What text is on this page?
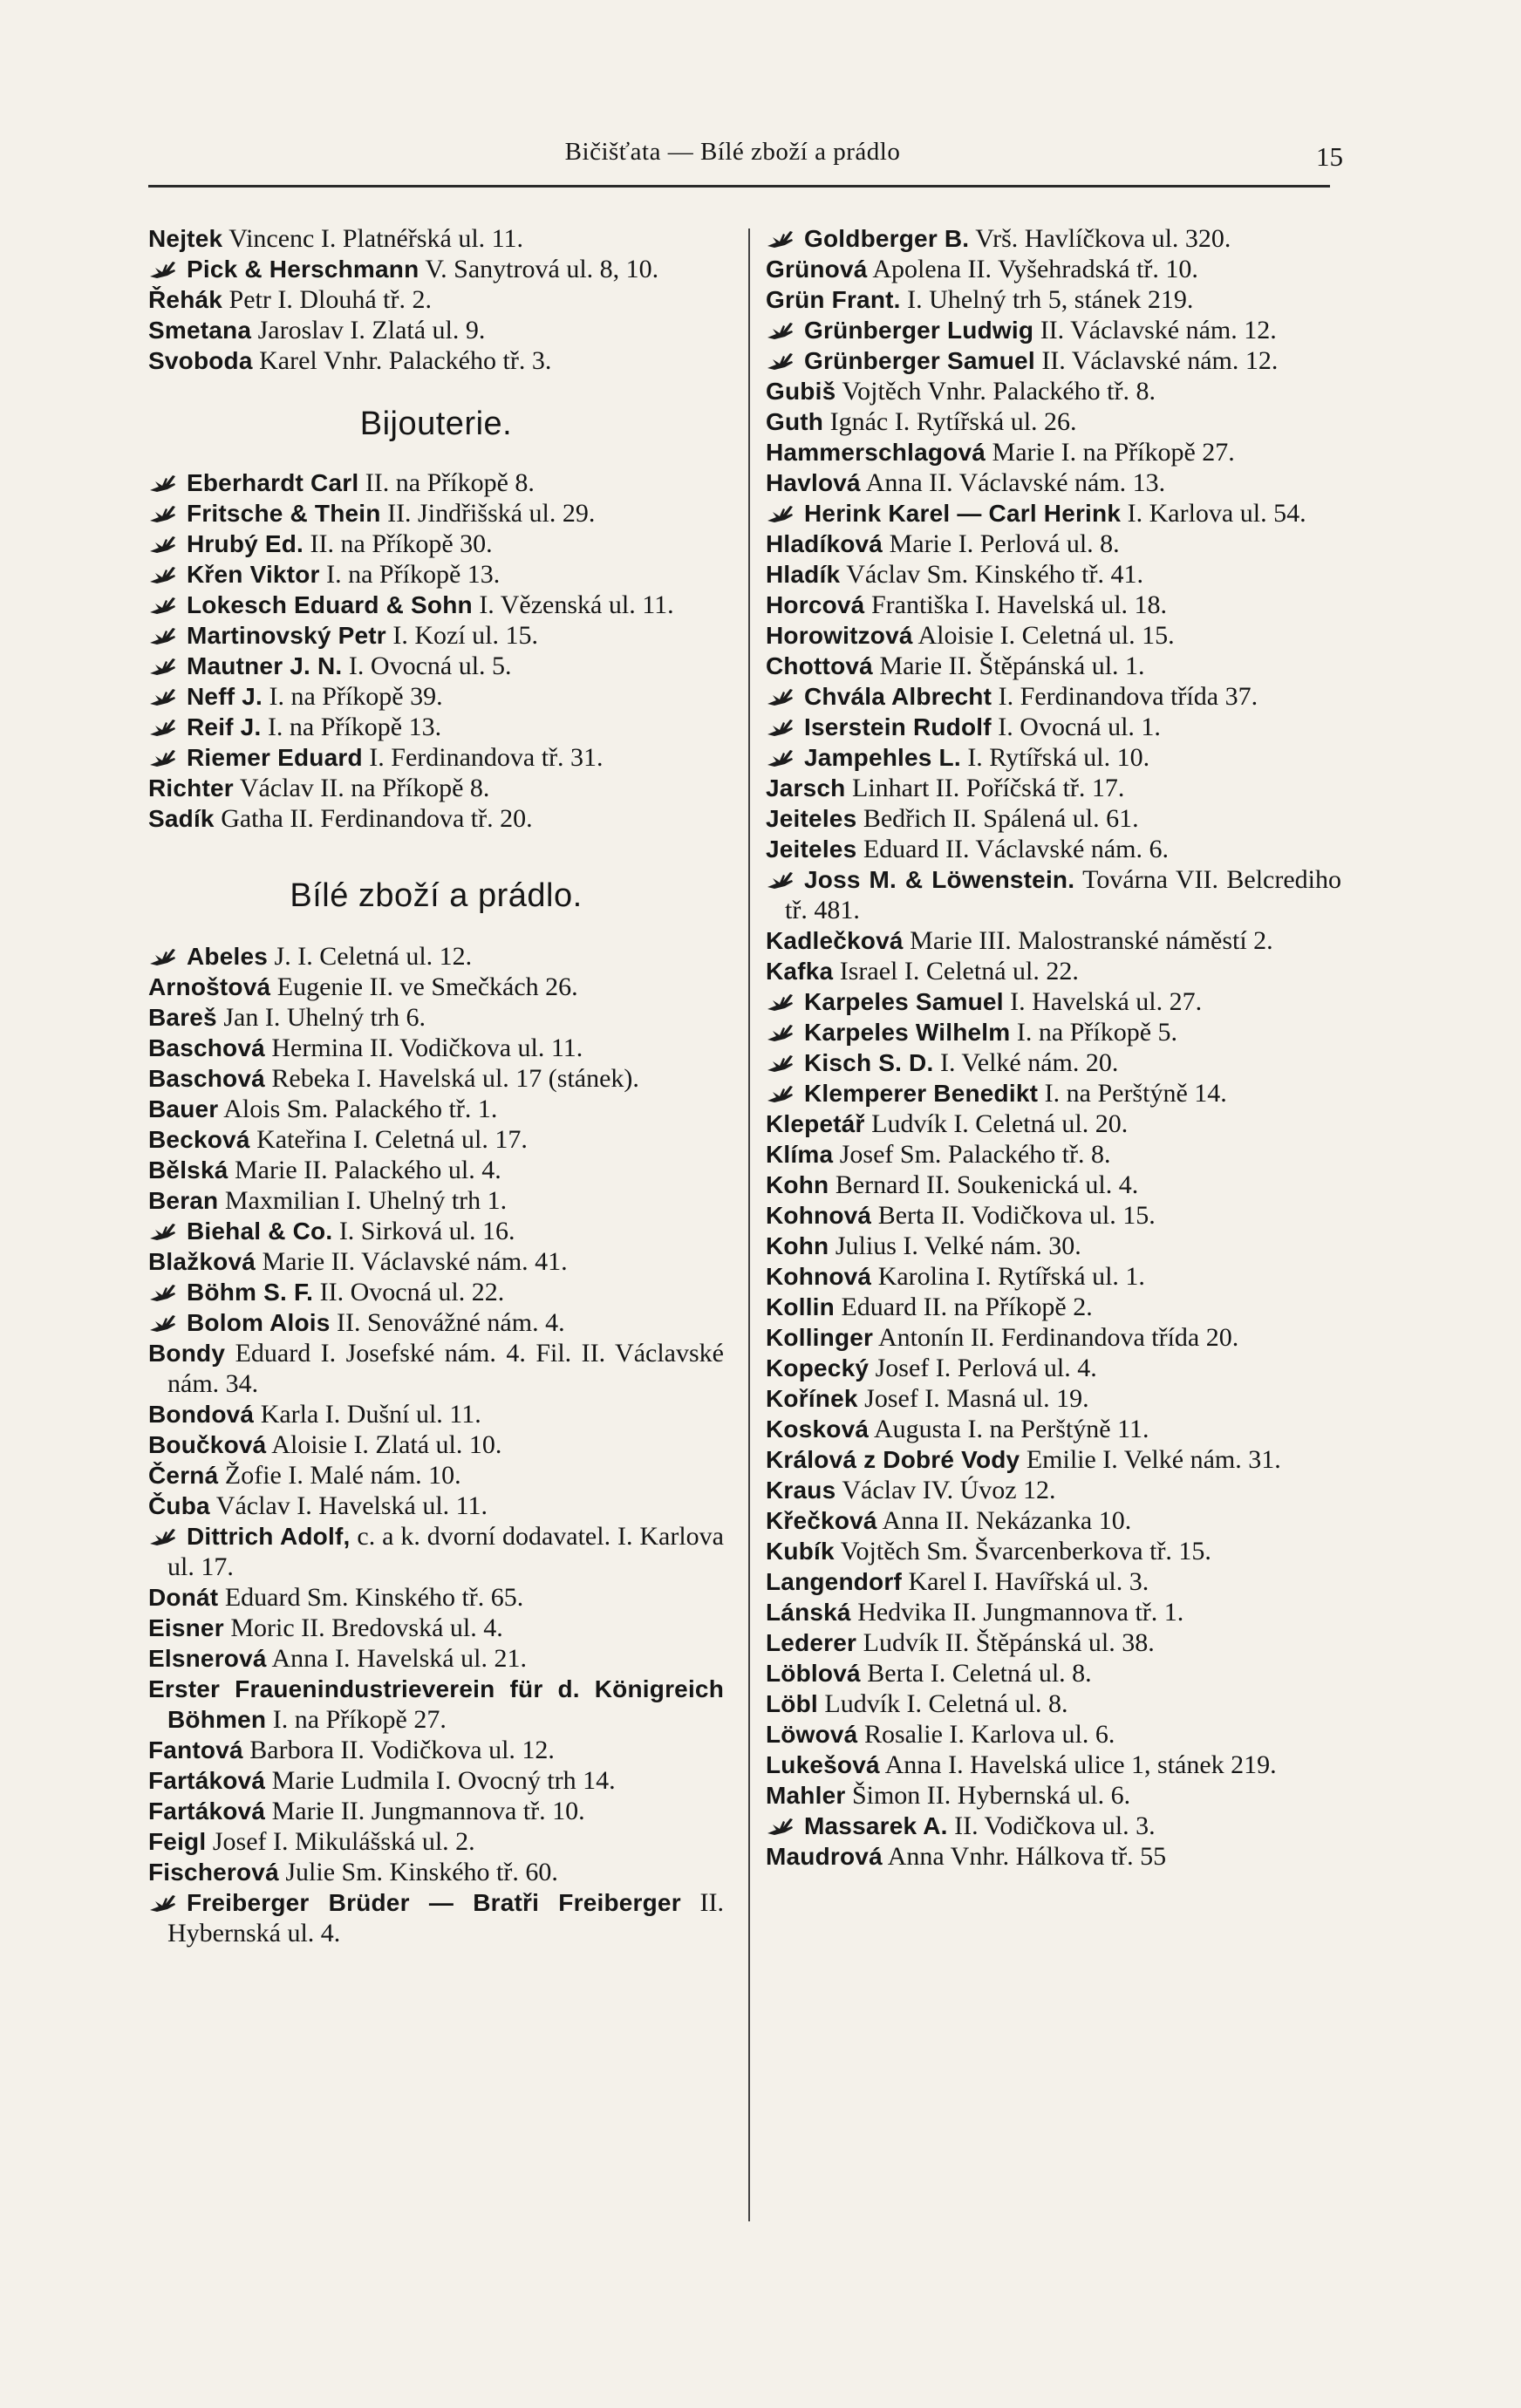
Bičišťata — Bílé zboží a prádlo	15
Nejtek Vincenc I. Platnéřská ul. 11.
Pick & Herschmann V. Sanytrová ul. 8, 10.
Řehák Petr I. Dlouhá tř. 2.
Smetana Jaroslav I. Zlatá ul. 9.
Svoboda Karel Vnhr. Palackého tř. 3.
Bijouterie.
Eberhardt Carl II. na Příkopě 8.
Fritsche & Thein II. Jindřišská ul. 29.
Hrubý Ed. II. na Příkopě 30.
Křen Viktor I. na Příkopě 13.
Lokesch Eduard & Sohn I. Vězenská ul. 11.
Martinovský Petr I. Kozí ul. 15.
Mautner J. N. I. Ovocná ul. 5.
Neff J. I. na Příkopě 39.
Reif J. I. na Příkopě 13.
Riemer Eduard I. Ferdinandova tř. 31.
Richter Václav II. na Příkopě 8.
Sadík Gatha II. Ferdinandova tř. 20.
Bílé zboží a prádlo.
Abeles J. I. Celetná ul. 12.
Arnoštová Eugenie II. ve Smečkách 26.
Bareš Jan I. Uhelný trh 6.
Baschová Hermina II. Vodičkova ul. 11.
Baschová Rebeka I. Havelská ul. 17 (stánek).
Bauer Alois Sm. Palackého tř. 1.
Becková Kateřina I. Celetná ul. 17.
Bělská Marie II. Palackého ul. 4.
Beran Maxmilian I. Uhelný trh 1.
Biehal & Co. I. Sirková ul. 16.
Blažková Marie II. Václavské nám. 41.
Böhm S. F. II. Ovocná ul. 22.
Bolom Alois II. Senovážné nám. 4.
Bondy Eduard I. Josefské nám. 4. Fil. II. Václavské nám. 34.
Bondová Karla I. Dušní ul. 11.
Boučková Aloisie I. Zlatá ul. 10.
Černá Žofie I. Malé nám. 10.
Čuba Václav I. Havelská ul. 11.
Dittrich Adolf, c. a k. dvorní dodavatel. I. Karlova ul. 17.
Donát Eduard Sm. Kinského tř. 65.
Eisner Moric II. Bredovská ul. 4.
Elsnerová Anna I. Havelská ul. 21.
Erster Frauenindustrieverein für d. Königreich Böhmen I. na Příkopě 27.
Fantová Barbora II. Vodičkova ul. 12.
Fartáková Marie Ludmila I. Ovocný trh 14.
Fartáková Marie II. Jungmannova tř. 10.
Feigl Josef I. Mikulášská ul. 2.
Fischerová Julie Sm. Kinského tř. 60.
Freiberger Brüder — Bratři Freiberger II. Hybernská ul. 4.
Goldberger B. Vrš. Havlíčkova ul. 320.
Grünová Apolena II. Vyšehradská tř. 10.
Grün Frant. I. Uhelný trh 5, stánek 219.
Grünberger Ludwig II. Václavské nám. 12.
Grünberger Samuel II. Václavské nám. 12.
Gubiš Vojtěch Vnhr. Palackého tř. 8.
Guth Ignác I. Rytířská ul. 26.
Hammerschlagová Marie I. na Příkopě 27.
Havlová Anna II. Václavské nám. 13.
Herink Karel — Carl Herink I. Karlova ul. 54.
Hladíková Marie I. Perlová ul. 8.
Hladík Václav Sm. Kinského tř. 41.
Horcová Františka I. Havelská ul. 18.
Horowitzová Aloisie I. Celetná ul. 15.
Chottová Marie II. Štěpánská ul. 1.
Chvála Albrecht I. Ferdinandova třída 37.
Iserstein Rudolf I. Ovocná ul. 1.
Jampehles L. I. Rytířská ul. 10.
Jarsch Linhart II. Poříčská tř. 17.
Jeiteles Bedřich II. Spálená ul. 61.
Jeiteles Eduard II. Václavské nám. 6.
Joss M. & Löwenstein. Továrna VII. Belcrediho tř. 481.
Kadlečková Marie III. Malostranské náměstí 2.
Kafka Israel I. Celetná ul. 22.
Karpeles Samuel I. Havelská ul. 27.
Karpeles Wilhelm I. na Příkopě 5.
Kisch S. D. I. Velké nám. 20.
Klemperer Benedikt I. na Perštýně 14.
Klepetář Ludvík I. Celetná ul. 20.
Klíma Josef Sm. Palackého tř. 8.
Kohn Bernard II. Soukenická ul. 4.
Kohnová Berta II. Vodičkova ul. 15.
Kohn Julius I. Velké nám. 30.
Kohnová Karolina I. Rytířská ul. 1.
Kollin Eduard II. na Příkopě 2.
Kollinger Antonín II. Ferdinandova třída 20.
Kopecký Josef I. Perlová ul. 4.
Kořínek Josef I. Masná ul. 19.
Kosková Augusta I. na Perštýně 11.
Králová z Dobré Vody Emilie I. Velké nám. 31.
Kraus Václav IV. Úvoz 12.
Křečková Anna II. Nekázanka 10.
Kubík Vojtěch Sm. Švarcenberkova tř. 15.
Langendorf Karel I. Havířská ul. 3.
Lánská Hedvika II. Jungmannova tř. 1.
Lederer Ludvík II. Štěpánská ul. 38.
Löblová Berta I. Celetná ul. 8.
Löbl Ludvík I. Celetná ul. 8.
Löwová Rosalie I. Karlova ul. 6.
Lukešová Anna I. Havelská ulice 1, stánek 219.
Mahler Šimon II. Hybernská ul. 6.
Massarek A. II. Vodičkova ul. 3.
Maudrová Anna Vnhr. Hálkova tř. 55
